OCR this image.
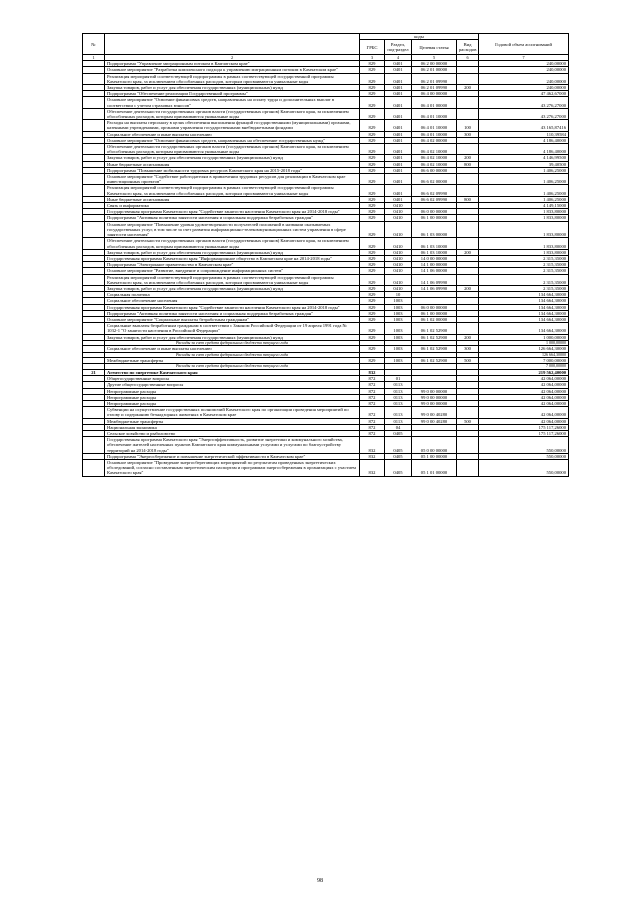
№		коды				Годовой объем ассигнований
		ГРБС	Раздел, под-раздел	Целевая статья	Вид расходов	
1	2	3	4	5	6	7
	Подпрограмма "Управление миграционным потоком в Камчатском крае"	829	0401	06 2 00 00000		240,00000
	Основное мероприятие "Разработка комплексного подхода к управлению миграционным потоком в Камчатском крае"	829	0401	06 2 01 00000		240,00000
	Реализация мероприятий соответствующей подпрограммы в рамках соответствующей государственной программы Камчатского края, за исключением обособленных расходов, которым присваиваются уникальные коды	829	0401	06 2 01 09990		240,00000
	Закупка товаров, работ и услуг для обеспечения государственных (муниципальных) нужд	829	0401	06 2 01 09990	200	240,00000
	Подпрограмма "Обеспечение реализации Государственной программы"	829	0401	06 4 00 00000		47 462,67000
	Основное мероприятие "Освоение финансовых средств, направленных на оплату труда и дополнительных выплат в соответствии с учетом страховых взносов"	829	0401	06 4 01 00000		43 276,27000
	Обеспечение деятельности государственных органов власти (государственных органов) Камчатского края, за исключением обособленных расходов, которым присваиваются уникальные коды	829	0401	06 4 01 10000		43 276,27000
	Расходы на выплаты персоналу в целях обеспечения выполнения функций государственными (муниципальными) органами, казенными учреждениями, органами управления государственными внебюджетными фондами	829	0401	06 4 01 10000	100	43 165,87416
	Социальное обеспечение и иные выплаты населению	829	0401	06 4 01 10000	300	110,39584
	Основное мероприятие "Освоение финансовых средств, направленных на обеспечение государственных нужд"	829	0401	06 4 02 00000		4 186,40000
	Обеспечение деятельности государственных органов власти (государственных органов) Камчатского края, за исключением обособленных расходов, которым присваиваются уникальные коды	829	0401	06 4 02 10000		4 186,40000
	Закупка товаров, работ и услуг для обеспечения государственных (муниципальных) нужд	829	0401	06 4 02 10000	200	4 146,99500
	Иные бюджетные ассигнования	829	0401	06 4 02 10000	800	39,40500
	Подпрограмма "Повышение мобильности трудовых ресурсов Камчатского края на 2015-2018 годы"	829	0401	06 6 00 00000		1 406,25000
	Основное мероприятие "Содействие работодателям в привлечении трудовых ресурсов для реализации в Камчатском крае инвестиционных проектов"	829	0401	06 6 02 00000		1 406,25000
	Реализация мероприятий соответствующей подпрограммы в рамках соответствующей государственной программы Камчатского края, за исключением обособленных расходов, которым присваиваются уникальные коды	829	0401	06 6 02 09990		1 406,25000
	Иные бюджетные ассигнования	829	0401	06 6 02 09990	800	1 406,25000
	Связь и информатика	829	0410			4 149,15000
	Государственная программа Камчатского края "Содействие занятости населения Камчатского края на 2014-2018 годы"	829	0410	06 0 00 00000		1 833,80000
	Подпрограмма "Активная политика занятости населения и социальная поддержка безработных граждан"	829	0410	06 1 00 00000		1 833,80000
	Основное мероприятие "Повышение уровня удовлетворенности получателей положений в названии оказываемых государственных услуг, в том числе за счет развития информационно-телекоммуникационных систем управления в сфере занятости населения"	829	0410	06 1 03 00000		1 833,80000
	Обеспечение деятельности государственных органов власти (государственных органов) Камчатского края, за исключением обособленных расходов, которым присваиваются уникальные коды	829	0410	06 1 03 10000		1 833,80000
	Закупка товаров, работ и услуг для обеспечения государственных (муниципальных) нужд	829	0410	06 1 03 10000	200	1 833,80000
	Государственная программа Камчатского края "Информационное общество в Камчатском крае на 2014-2018 годы"	829	0410	14 0 00 00000		2 315,35000
	Подпрограмма "Электронное правительство в Камчатском крае"	829	0410	14 1 00 00000		2 315,35000
	Основное мероприятие "Развитие, внедрение и сопровождение информационных систем"	829	0410	14 1 06 00000		2 315,35000
	Реализация мероприятий соответствующей подпрограммы в рамках соответствующей государственной программы Камчатского края, за исключением обособленных расходов, которым присваиваются уникальные коды	829	0410	14 1 06 09990		2 315,35000
	Закупка товаров, работ и услуг для обеспечения государственных (муниципальных) нужд	829	0410	14 1 06 09990	200	2 315,35000
	Социальная политика	829	10			134 664,30000
	Социальное обеспечение населения	829	1003			134 664,30000
	Государственная программа Камчатского края "Содействие занятости населения Камчатского края на 2014-2018 годы"	829	1003	06 0 00 00000		134 664,30000
	Подпрограмма "Активная политика занятости населения и социальная поддержка безработных граждан"	829	1003	06 1 00 00000		134 664,30000
	Основное мероприятие "Социальные выплаты безработным гражданам"	829	1003	06 1 02 00000		134 664,30000
	Социальные выплаты безработным гражданам в соответствии с Законом Российской Федерации от 19 апреля 1991 года № 1032-1 "О занятости населения в Российской Федерации"	829	1003	06 1 02 52900		134 664,30000
	Закупка товаров, работ и услуг для обеспечения государственных (муниципальных) нужд	829	1003	06 1 02 52900	200	1 000,00000
	Расходы за счет средств федерального бюджета текущего года					1 000,00000
	Социальное обеспечение и иные выплаты населению	829	1003	06 1 02 52900	300	126 664,30000
	Расходы за счет средств федерального бюджета текущего года					126 664,30000
	Межбюджетные трансферты	829	1003	06 1 02 52900	500	7 000,00000
	Расходы за счет средств федерального бюджета текущего года					7 000,00000
21	Агентство по энергетике Камчатского края	832				219 562,40000
	Общегосударственные вопросы	872	01			42 064,00000
	Другие общегосударственные вопросы	872	0113			42 064,00000
	Непрограммные расходы	872	0113	99 0 00 00000		42 064,00000
	Непрограммные расходы	872	0113	99 0 00 00000		42 064,00000
	Непрограммные расходы	872	0113	99 0 00 00000		42 064,00000
	Субвенции на осуществление государственных полномочий Камчатского края по организации проведения мероприятий по отлову и содержанию безнадзорных животных в Камчатском крае	872	0113	99 0 00 40280		42 064,00000
	Межбюджетные трансферты	872	0113	99 0 00 40280	500	42 064,00000
	Национальная экономика	872	04			175 117,26000
	Сельское хозяйство и рыболовство	872	0405			175 117,26000
	Государственная программа Камчатского края "Энергоэффективность, развитие энергетики и коммунального хозяйства, обеспечение жителей населенных пунктов Камчатского края коммунальными услугами и услугами по благоустройству территорий на 2014-2018 годы"	832	0405	05 0 00 00000		550,00000
	Подпрограмма "Энергосбережение и повышение энергетической эффективности в Камчатском крае"	832	0405	05 1 00 00000		550,00000
	Основное мероприятие "Проведение энергосберегающих мероприятий по результатам проведенных энергетических обследований, согласно составленным энергетическим паспортам и программам энергосбережения в организациях с участием Камчатского края"	832	0405	05 1 01 00000		550,00000
98
